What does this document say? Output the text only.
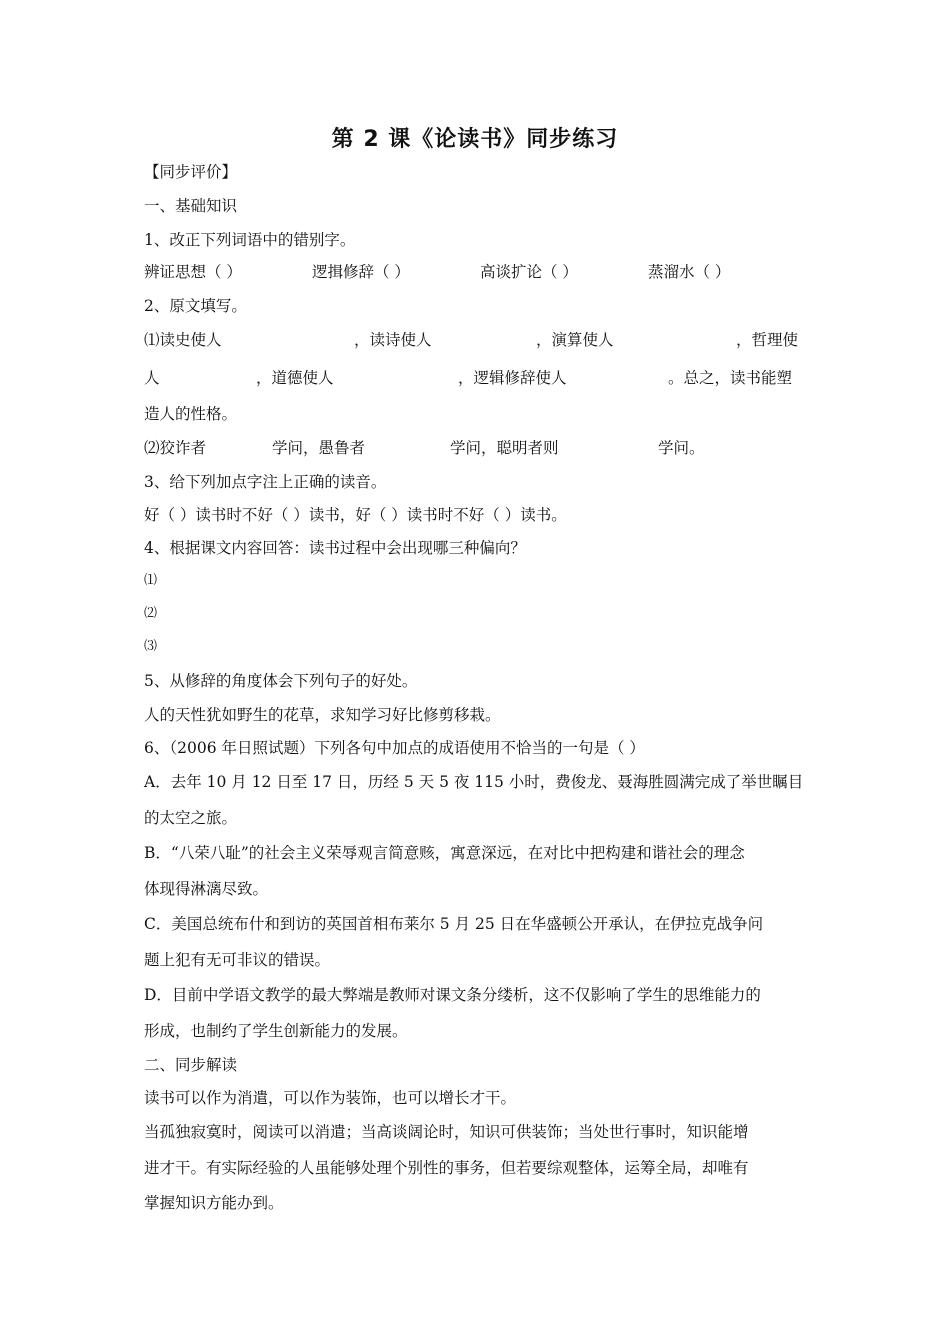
第 2 课《论读书》同步练习
【同步评价】
一、基础知识
1、改正下列词语中的错别字。
辨证思想（ ）	逻揖修辞（ ）	高谈扩论（ ）	蒸溜水（ ）
2、原文填写。
⑴读史使人	，读诗使人	，演算使人	，哲理使
人	，道德使人	，逻辑修辞使人	。总之，读书能塑
造人的性格。
⑵狡诈者	学问，愚鲁者	学问，聪明者则	学问。
3、给下列加点字注上正确的读音。
好（ ）读书时不好（ ）读书，好（ ）读书时不好（ ）读书。
4、根据课文内容回答：读书过程中会出现哪三种偏向？
⑴
⑵
⑶
5、从修辞的角度体会下列句子的好处。
人的天性犹如野生的花草，求知学习好比修剪移栽。
6、（2006 年日照试题）下列各句中加点的成语使用不恰当的一句是（ ）
A．去年 10 月 12 日至 17 日，历经 5 天 5 夜 115 小时，费俊龙、聂海胜圆满完成了举世瞩目
的太空之旅。
B．“八荣八耻”的社会主义荣辱观言简意赅，寓意深远，在对比中把构建和谐社会的理念
体现得淋漓尽致。
C．美国总统布什和到访的英国首相布莱尔 5 月 25 日在华盛顿公开承认，在伊拉克战争问
题上犯有无可非议的错误。
D．目前中学语文教学的最大弊端是教师对课文条分缕析，这不仅影响了学生的思维能力的
形成，也制约了学生创新能力的发展。
二、同步解读
读书可以作为消遣，可以作为装饰，也可以增长才干。
当孤独寂寞时，阅读可以消遣；当高谈阔论时，知识可供装饰；当处世行事时，知识能增
进才干。有实际经验的人虽能够处理个别性的事务，但若要综观整体，运筹全局，却唯有
掌握知识方能办到。
